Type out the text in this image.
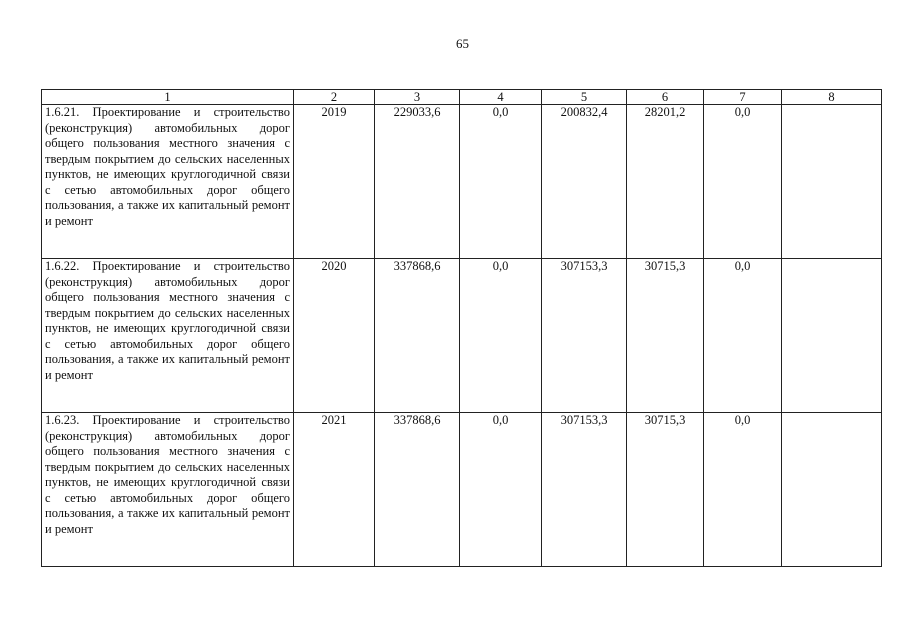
65
1	2	3	4	5	6	7	8
1.6.21. Проектирование и строительство (реконструкция) автомобильных дорог общего пользования местного значения с твердым покрытием до сельских населенных пунктов, не имеющих круглогодичной связи с сетью автомобильных дорог общего пользования, а также их капитальный ремонт и ремонт	2019	229033,6	0,0	200832,4	28201,2	0,0	
1.6.22. Проектирование и строительство (реконструкция) автомобильных дорог общего пользования местного значения с твердым покрытием до сельских населенных пунктов, не имеющих круглогодичной связи с сетью автомобильных дорог общего пользования, а также их капитальный ремонт и ремонт	2020	337868,6	0,0	307153,3	30715,3	0,0	
1.6.23. Проектирование и строительство (реконструкция) автомобильных дорог общего пользования местного значения с твердым покрытием до сельских населенных пунктов, не имеющих круглогодичной связи с сетью автомобильных дорог общего пользования, а также их капитальный ремонт и ремонт	2021	337868,6	0,0	307153,3	30715,3	0,0	
